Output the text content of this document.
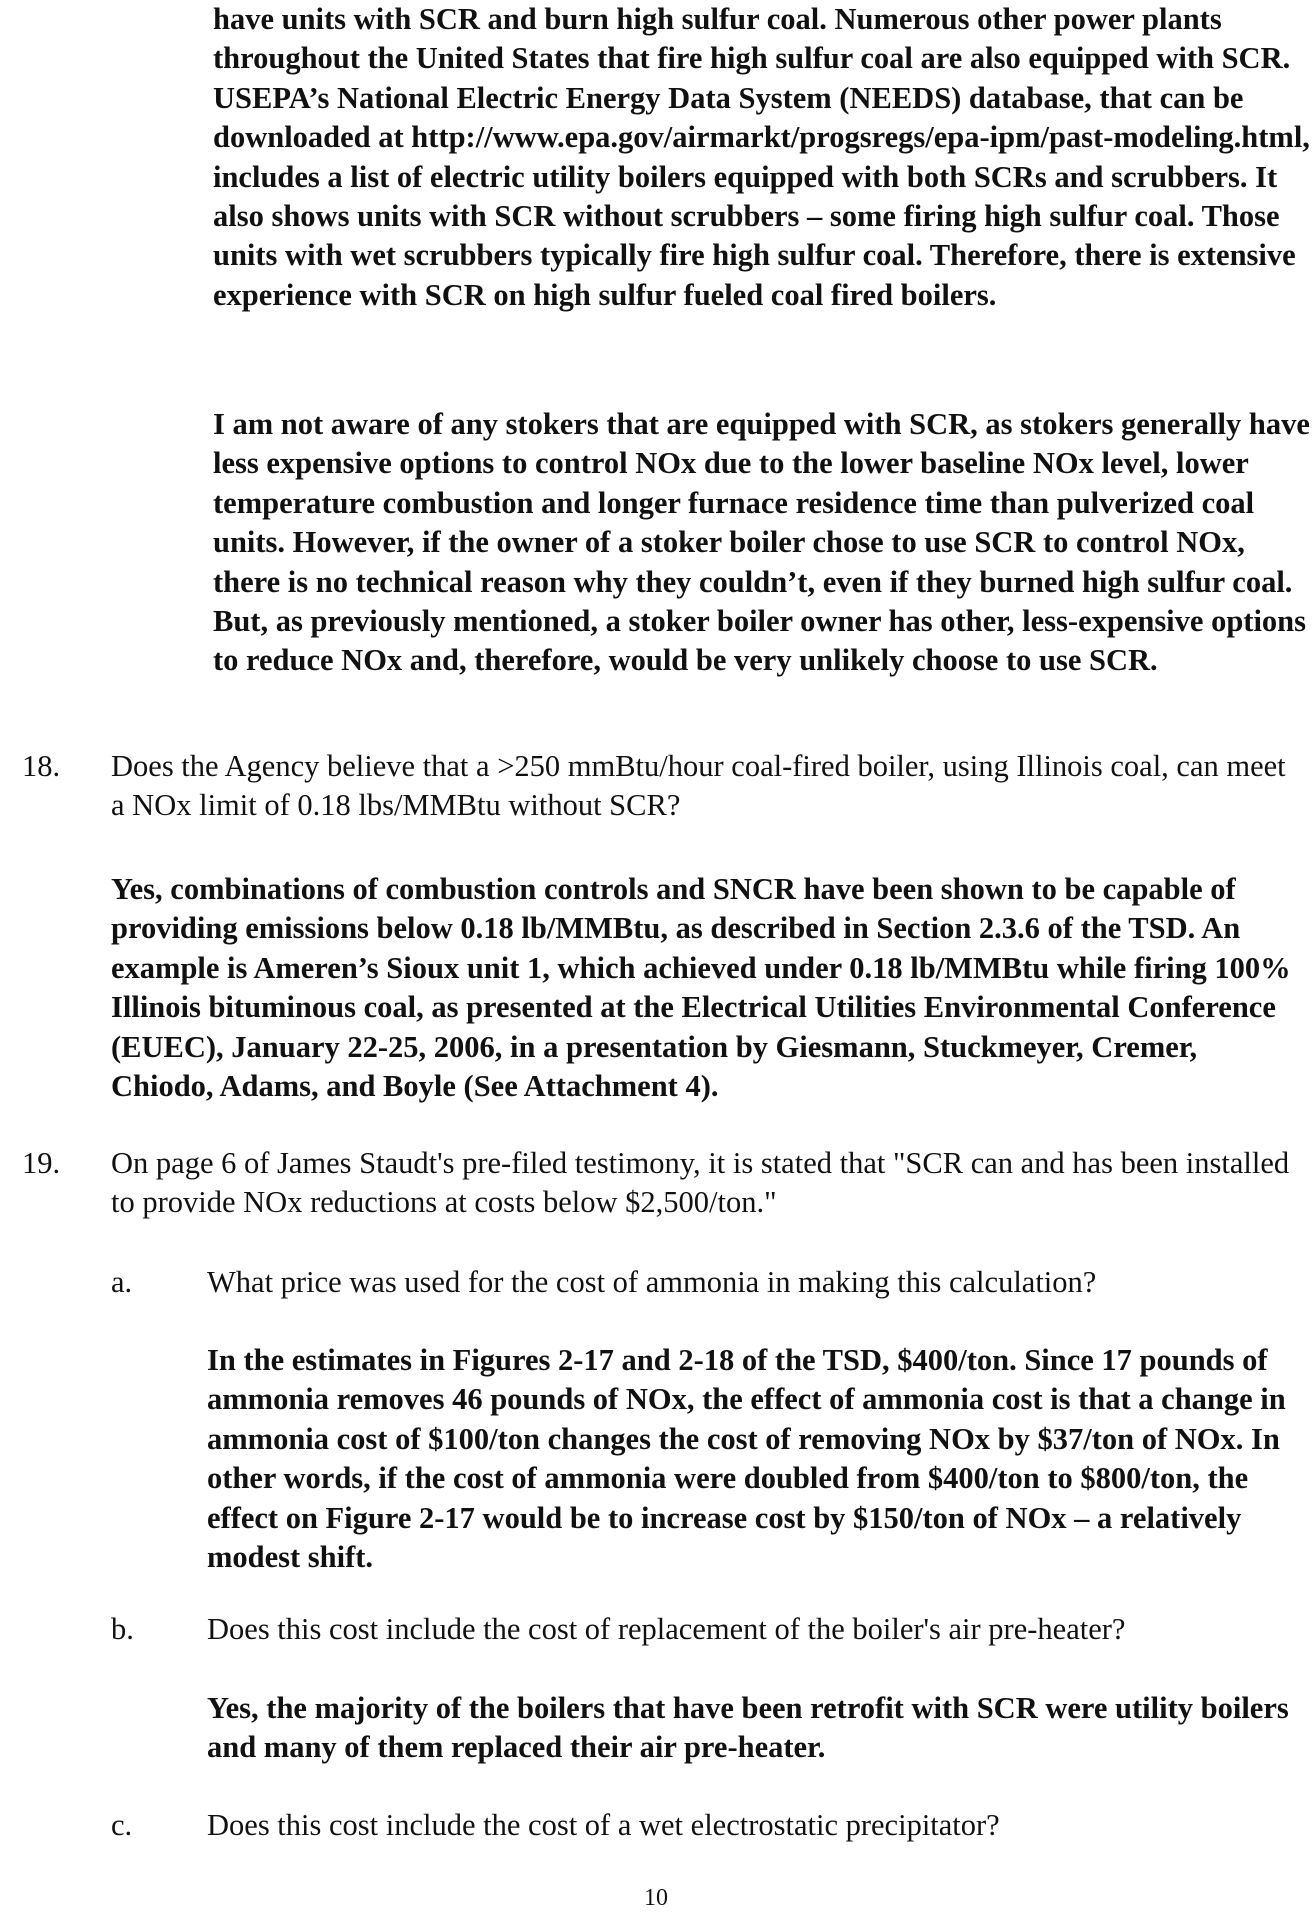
have units with SCR and burn high sulfur coal. Numerous other power plants throughout the United States that fire high sulfur coal are also equipped with SCR. USEPA’s National Electric Energy Data System (NEEDS) database, that can be downloaded at http://www.epa.gov/airmarkt/progsregs/epa-ipm/past-modeling.html, includes a list of electric utility boilers equipped with both SCRs and scrubbers. It also shows units with SCR without scrubbers – some firing high sulfur coal. Those units with wet scrubbers typically fire high sulfur coal. Therefore, there is extensive experience with SCR on high sulfur fueled coal fired boilers.

I am not aware of any stokers that are equipped with SCR, as stokers generally have less expensive options to control NOx due to the lower baseline NOx level, lower temperature combustion and longer furnace residence time than pulverized coal units. However, if the owner of a stoker boiler chose to use SCR to control NOx, there is no technical reason why they couldn’t, even if they burned high sulfur coal. But, as previously mentioned, a stoker boiler owner has other, less-expensive options to reduce NOx and, therefore, would be very unlikely choose to use SCR.

18. Does the Agency believe that a >250 mmBtu/hour coal-fired boiler, using Illinois coal, can meet a NOx limit of 0.18 lbs/MMBtu without SCR?

Yes, combinations of combustion controls and SNCR have been shown to be capable of providing emissions below 0.18 lb/MMBtu, as described in Section 2.3.6 of the TSD. An example is Ameren’s Sioux unit 1, which achieved under 0.18 lb/MMBtu while firing 100% Illinois bituminous coal, as presented at the Electrical Utilities Environmental Conference (EUEC), January 22-25, 2006, in a presentation by Giesmann, Stuckmeyer, Cremer, Chiodo, Adams, and Boyle (See Attachment 4).

19. On page 6 of James Staudt's pre-filed testimony, it is stated that "SCR can and has been installed to provide NOx reductions at costs below $2,500/ton."

a. What price was used for the cost of ammonia in making this calculation?

In the estimates in Figures 2-17 and 2-18 of the TSD, $400/ton. Since 17 pounds of ammonia removes 46 pounds of NOx, the effect of ammonia cost is that a change in ammonia cost of $100/ton changes the cost of removing NOx by $37/ton of NOx. In other words, if the cost of ammonia were doubled from $400/ton to $800/ton, the effect on Figure 2-17 would be to increase cost by $150/ton of NOx – a relatively modest shift.

b. Does this cost include the cost of replacement of the boiler's air pre-heater?

Yes, the majority of the boilers that have been retrofit with SCR were utility boilers and many of them replaced their air pre-heater.

c. Does this cost include the cost of a wet electrostatic precipitator?

10
